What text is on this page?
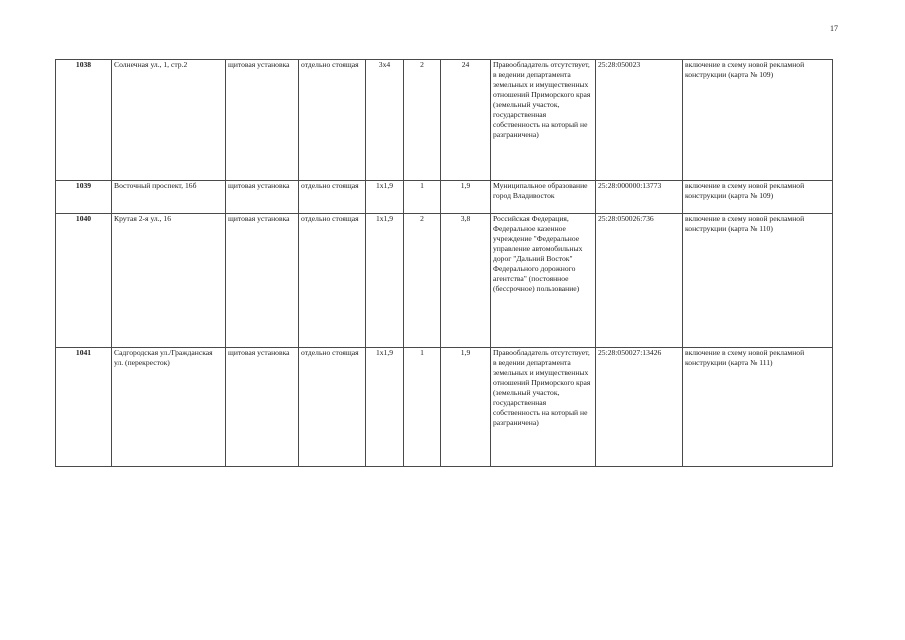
17
1038	Солнечная ул., 1, стр.2	щитовая установка	отдельно стоящая	3x4	2	24	Правообладатель отсутствует, в ведении департамента земельных и имущественных отношений Приморского края (земельный участок, государственная собственность на который не разграничена)	25:28:050023	включение в схему новой рекламной конструкции (карта № 109)
1039	Восточный проспект, 16б	щитовая установка	отдельно стоящая	1x1,9	1	1,9	Муниципальное образование город Владивосток	25:28:000000:13773	включение в схему новой рекламной конструкции (карта № 109)
1040	Крутая 2-я ул., 16	щитовая установка	отдельно стоящая	1x1,9	2	3,8	Российская Федерация, Федеральное казенное учреждение "Федеральное управление автомобильных дорог "Дальний Восток" Федерального дорожного агентства" (постоянное (бессрочное) пользование)	25:28:050026:736	включение в схему новой рекламной конструкции (карта № 110)
1041	Садгородская ул./Гражданская ул. (перекресток)	щитовая установка	отдельно стоящая	1x1,9	1	1,9	Правообладатель отсутствует, в ведении департамента земельных и имущественных отношений Приморского края (земельный участок, государственная собственность на который не разграничена)	25:28:050027:13426	включение в схему новой рекламной конструкции (карта № 111)
